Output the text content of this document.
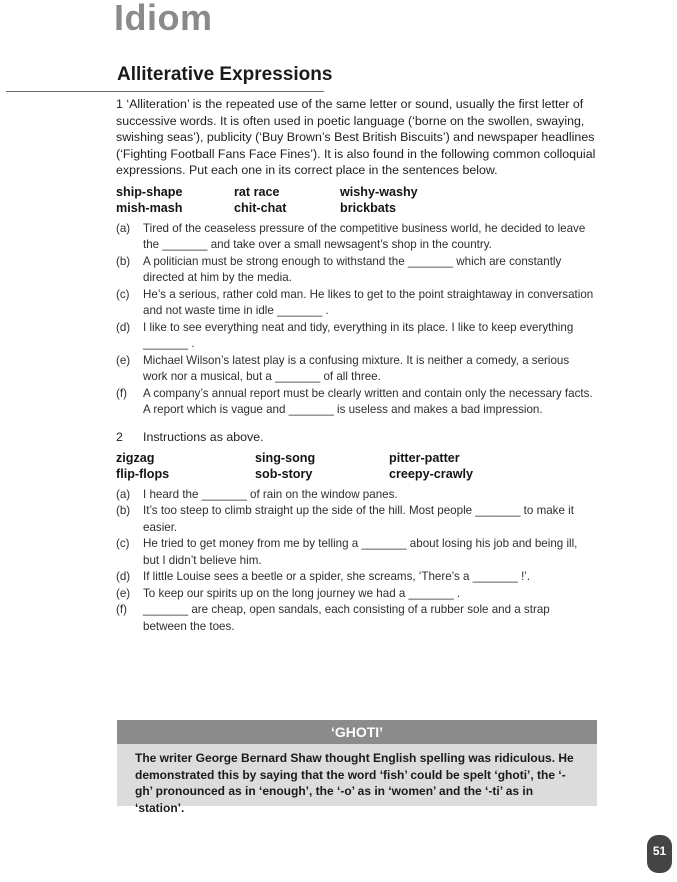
Idiom
Alliterative Expressions

1 ‘Alliteration’ is the repeated use of the same letter or sound, usually the first letter of successive words. It is often used in poetic language (‘borne on the swollen, swaying, swishing seas’), publicity (‘Buy Brown’s Best British Biscuits’) and newspaper headlines (‘Fighting Football Fans Face Fines’). It is also found in the following common colloquial expressions. Put each one in its correct place in the sentences below.

ship-shape	rat race	wishy-washy
mish-mash	chit-chat	brickbats
(a)	Tired of the ceaseless pressure of the competitive business world, he decided to leave the _______ and take over a small newsagent’s shop in the country.
(b)	A politician must be strong enough to withstand the _______ which are constantly directed at him by the media.
(c)	He’s a serious, rather cold man. He likes to get to the point straightaway in conversation and not waste time in idle _______ .
(d)	I like to see everything neat and tidy, everything in its place. I like to keep everything _______ .
(e)	Michael Wilson’s latest play is a confusing mixture. It is neither a comedy, a serious work nor a musical, but a _______ of all three.
(f)	A company’s annual report must be clearly written and contain only the necessary facts. A report which is vague and _______ is useless and makes a bad impression.
2 Instructions as above.
zigzag	sing-song	pitter-patter
flip-flops	sob-story	creepy-crawly
(a)	I heard the _______ of rain on the window panes.
(b)	It’s too steep to climb straight up the side of the hill. Most people _______ to make it easier.
(c)	He tried to get money from me by telling a _______ about losing his job and being ill, but I didn’t believe him.
(d)	If little Louise sees a beetle or a spider, she screams, ‘There’s a _______ !’.
(e)	To keep our spirits up on the long journey we had a _______ .
(f)	_______ are cheap, open sandals, each consisting of a rubber sole and a strap between the toes.
‘GHOTI’

The writer George Bernard Shaw thought English spelling was ridiculous. He demonstrated this by saying that the word ‘fish’ could be spelt ‘ghoti’, the ‘-gh’ pronounced as in ‘enough’, the ‘-o’ as in ‘women’ and the ‘-ti’ as in ‘station’.

51
